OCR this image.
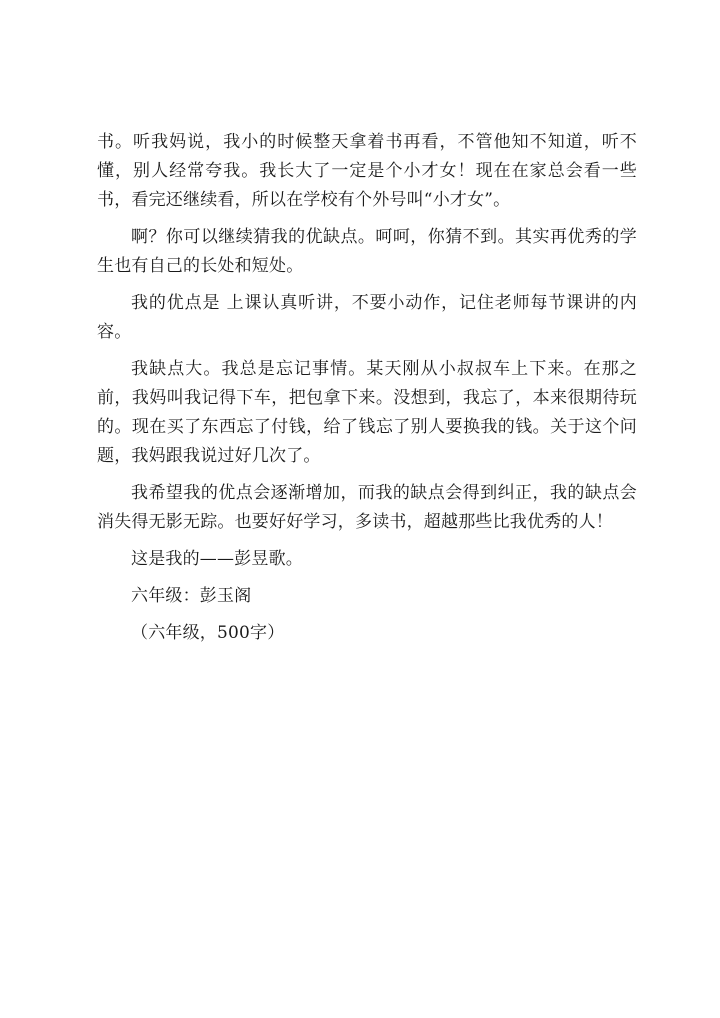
书。听我妈说，我小的时候整天拿着书再看，不管他知不知道，听不懂，别人经常夸我。我长大了一定是个小才女！现在在家总会看一些书，看完还继续看，所以在学校有个外号叫“小才女”。

啊？你可以继续猜我的优缺点。呵呵，你猜不到。其实再优秀的学生也有自己的长处和短处。

我的优点是 上课认真听讲，不要小动作，记住老师每节课讲的内容。

我缺点大。我总是忘记事情。某天刚从小叔叔车上下来。在那之前，我妈叫我记得下车，把包拿下来。没想到，我忘了，本来很期待玩的。现在买了东西忘了付钱，给了钱忘了别人要换我的钱。关于这个问题，我妈跟我说过好几次了。

我希望我的优点会逐渐增加，而我的缺点会得到纠正，我的缺点会消失得无影无踪。也要好好学习，多读书，超越那些比我优秀的人！

这是我的——彭昱歌。

六年级：彭玉阁

（六年级，500字）
